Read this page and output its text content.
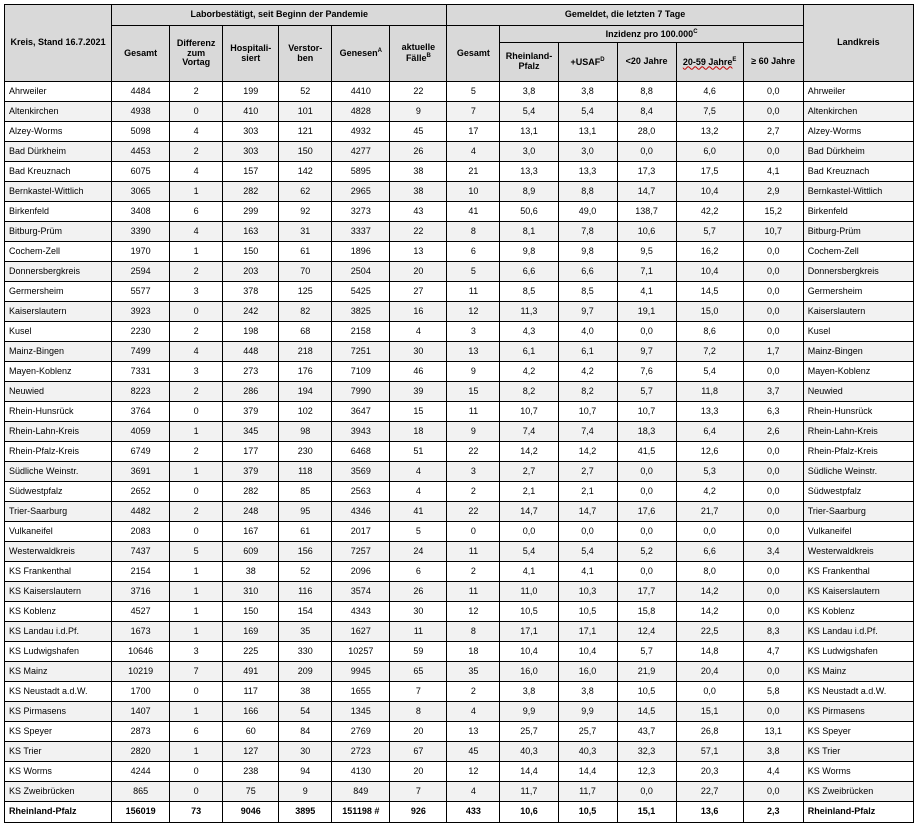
Kreis, Stand 16.7.2021	Laborbestätigt, seit Beginn der Pandemie						Gemeldet, die letzten 7 Tage						Landkreis
	Gesamt	Differenz zum Vortag	Hospitali-siert	Verstor-ben	Genesen$^A$	aktuelle Fälle$^B$	Gesamt	Inzidenz pro $100.000^C$
								Rheinland-Pfalz	$+USAF^D$	<20 Jahre	20-59 Jahre$^E$	≥ 60 Jahre	
Ahrweiler	4484	2	199	52	4410	22	5	3,8	3,8	8,8	4,6	0,0	Ahrweiler
Altenkirchen	4938	0	410	101	4828	9	7	5,4	5,4	8,4	7,5	0,0	Altenkirchen
Alzey-Worms	5098	4	303	121	4932	45	17	13,1	13,1	28,0	13,2	2,7	Alzey-Worms
Bad Dürkheim	4453	2	303	150	4277	26	4	3,0	3,0	0,0	6,0	0,0	Bad Dürkheim
Bad Kreuznach	6075	4	157	142	5895	38	21	13,3	13,3	17,3	17,5	4,1	Bad Kreuznach
Bernkastel-Wittlich	3065	1	282	62	2965	38	10	8,9	8,8	14,7	10,4	2,9	Bernkastel-Wittlich
Birkenfeld	3408	6	299	92	3273	43	41	50,6	49,0	138,7	42,2	15,2	Birkenfeld
Bitburg-Prüm	3390	4	163	31	3337	22	8	8,1	7,8	10,6	5,7	10,7	Bitburg-Prüm
Cochem-Zell	1970	1	150	61	1896	13	6	9,8	9,8	9,5	16,2	0,0	Cochem-Zell
Donnersbergkreis	2594	2	203	70	2504	20	5	6,6	6,6	7,1	10,4	0,0	Donnersbergkreis
Germersheim	5577	3	378	125	5425	27	11	8,5	8,5	4,1	14,5	0,0	Germersheim
Kaiserslautern	3923	0	242	82	3825	16	12	11,3	9,7	19,1	15,0	0,0	Kaiserslautern
Kusel	2230	2	198	68	2158	4	3	4,3	4,0	0,0	8,6	0,0	Kusel
Mainz-Bingen	7499	4	448	218	7251	30	13	6,1	6,1	9,7	7,2	1,7	Mainz-Bingen
Mayen-Koblenz	7331	3	273	176	7109	46	9	4,2	4,2	7,6	5,4	0,0	Mayen-Koblenz
Neuwied	8223	2	286	194	7990	39	15	8,2	8,2	5,7	11,8	3,7	Neuwied
Rhein-Hunsrück	3764	0	379	102	3647	15	11	10,7	10,7	10,7	13,3	6,3	Rhein-Hunsrück
Rhein-Lahn-Kreis	4059	1	345	98	3943	18	9	7,4	7,4	18,3	6,4	2,6	Rhein-Lahn-Kreis
Rhein-Pfalz-Kreis	6749	2	177	230	6468	51	22	14,2	14,2	41,5	12,6	0,0	Rhein-Pfalz-Kreis
Südliche Weinstr.	3691	1	379	118	3569	4	3	2,7	2,7	0,0	5,3	0,0	Südliche Weinstr.
Südwestpfalz	2652	0	282	85	2563	4	2	2,1	2,1	0,0	4,2	0,0	Südwestpfalz
Trier-Saarburg	4482	2	248	95	4346	41	22	14,7	14,7	17,6	21,7	0,0	Trier-Saarburg
Vulkaneifel	2083	0	167	61	2017	5	0	0,0	0,0	0,0	0,0	0,0	Vulkaneifel
Westerwaldkreis	7437	5	609	156	7257	24	11	5,4	5,4	5,2	6,6	3,4	Westerwaldkreis
KS Frankenthal	2154	1	38	52	2096	6	2	4,1	4,1	0,0	8,0	0,0	KS Frankenthal
KS Kaiserslautern	3716	1	310	116	3574	26	11	11,0	10,3	17,7	14,2	0,0	KS Kaiserslautern
KS Koblenz	4527	1	150	154	4343	30	12	10,5	10,5	15,8	14,2	0,0	KS Koblenz
KS Landau i.d.Pf.	1673	1	169	35	1627	11	8	17,1	17,1	12,4	22,5	8,3	KS Landau i.d.Pf.
KS Ludwigshafen	10646	3	225	330	10257	59	18	10,4	10,4	5,7	14,8	4,7	KS Ludwigshafen
KS Mainz	10219	7	491	209	9945	65	35	16,0	16,0	21,9	20,4	0,0	KS Mainz
KS Neustadt a.d.W.	1700	0	117	38	1655	7	2	3,8	3,8	10,5	0,0	5,8	KS Neustadt a.d.W.
KS Pirmasens	1407	1	166	54	1345	8	4	9,9	9,9	14,5	15,1	0,0	KS Pirmasens
KS Speyer	2873	6	60	84	2769	20	13	25,7	25,7	43,7	26,8	13,1	KS Speyer
KS Trier	2820	1	127	30	2723	67	45	40,3	40,3	32,3	57,1	3,8	KS Trier
KS Worms	4244	0	238	94	4130	20	12	14,4	14,4	12,3	20,3	4,4	KS Worms
KS Zweibrücken	865	0	75	9	849	7	4	11,7	11,7	0,0	22,7	0,0	KS Zweibrücken
Rheinland-Pfalz	156019	73	9046	3895	151198 #	926	433	10,6	10,5	15,1	13,6	2,3	Rheinland-Pfalz
